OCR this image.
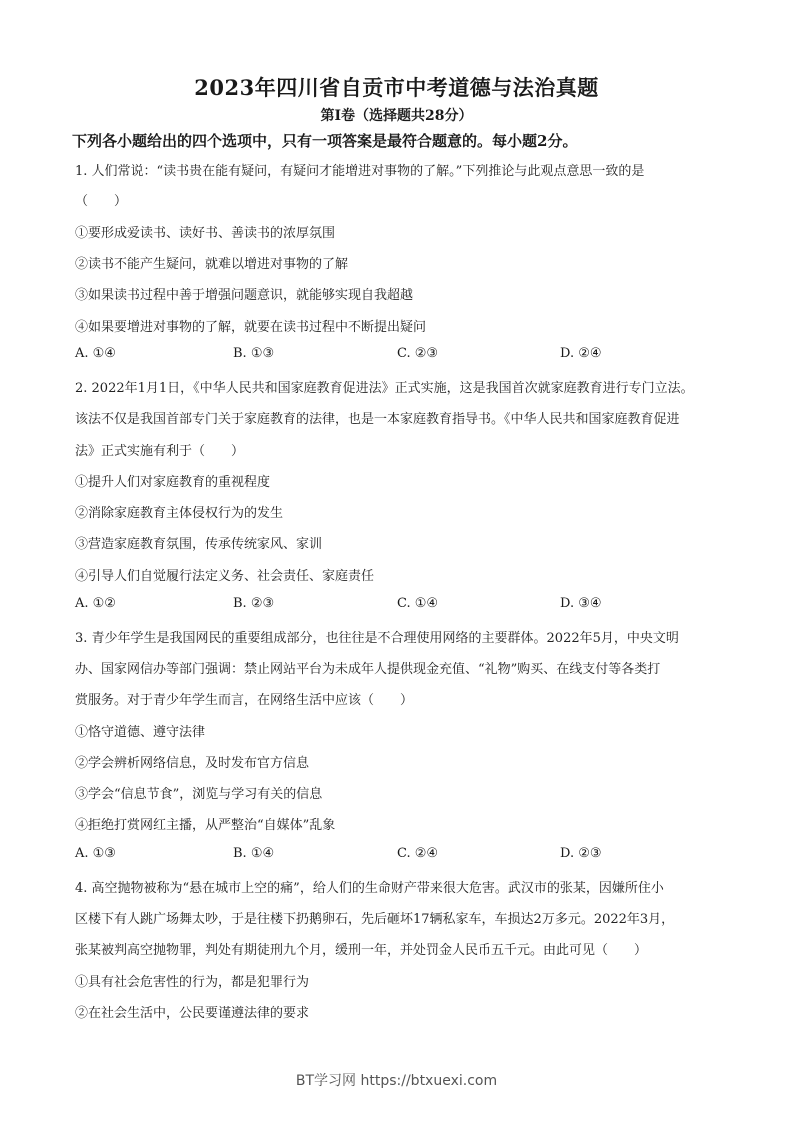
2023年四川省自贡市中考道德与法治真题
第I卷（选择题共28分）
下列各小题给出的四个选项中，只有一项答案是最符合题意的。每小题2分。
1. 人们常说：“读书贵在能有疑问，有疑问才能增进对事物的了解。”下列推论与此观点意思一致的是
（　　）
①要形成爱读书、读好书、善读书的浓厚氛围
②读书不能产生疑问，就难以增进对事物的了解
③如果读书过程中善于增强问题意识，就能够实现自我超越
④如果要增进对事物的了解，就要在读书过程中不断提出疑问
A. ①④	B. ①③	C. ②③	D. ②④
2. 2022年1月1日，《中华人民共和国家庭教育促进法》正式实施，这是我国首次就家庭教育进行专门立法。
该法不仅是我国首部专门关于家庭教育的法律，也是一本家庭教育指导书。《中华人民共和国家庭教育促进
法》正式实施有利于（　　）
①提升人们对家庭教育的重视程度
②消除家庭教育主体侵权行为的发生
③营造家庭教育氛围，传承传统家风、家训
④引导人们自觉履行法定义务、社会责任、家庭责任
A. ①②	B. ②③	C. ①④	D. ③④
3. 青少年学生是我国网民的重要组成部分，也往往是不合理使用网络的主要群体。2022年5月，中央文明
办、国家网信办等部门强调：禁止网站平台为未成年人提供现金充值、“礼物”购买、在线支付等各类打
赏服务。对于青少年学生而言，在网络生活中应该（　　）
①恪守道德、遵守法律
②学会辨析网络信息，及时发布官方信息
③学会“信息节食”，浏览与学习有关的信息
④拒绝打赏网红主播，从严整治“自媒体”乱象
A. ①③	B. ①④	C. ②④	D. ②③
4. 高空抛物被称为“悬在城市上空的痛”，给人们的生命财产带来很大危害。武汉市的张某，因嫌所住小
区楼下有人跳广场舞太吵，于是往楼下扔鹅卵石，先后砸坏17辆私家车，车损达2万多元。2022年3月，
张某被判高空抛物罪，判处有期徒刑九个月，缓刑一年，并处罚金人民币五千元。由此可见（　　）
①具有社会危害性的行为，都是犯罪行为
②在社会生活中，公民要谨遵法律的要求
BT学习网 https://btxuexi.com
